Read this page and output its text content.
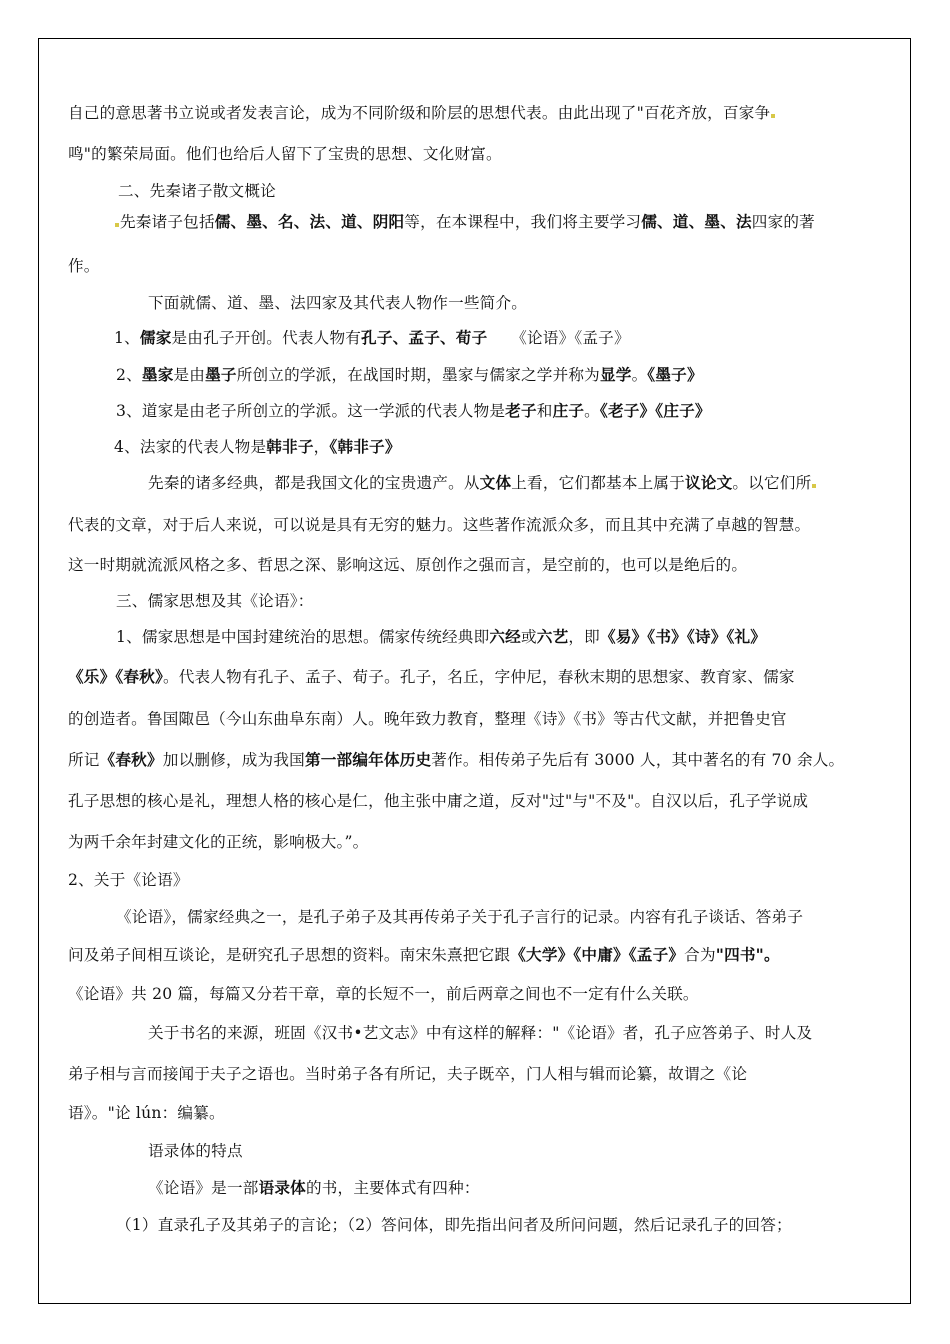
自己的意思著书立说或者发表言论，成为不同阶级和阶层的思想代表。由此出现了"百花齐放，百家争
鸣"的繁荣局面。他们也给后人留下了宝贵的思想、文化财富。
二、先秦诸子散文概论
先秦诸子包括儒、墨、名、法、道、阴阳等，在本课程中，我们将主要学习儒、道、墨、法四家的著
作。
下面就儒、道、墨、法四家及其代表人物作一些简介。
1、儒家是由孔子开创。代表人物有孔子、孟子、荀子　　《论语》《孟子》
2、墨家是由墨子所创立的学派，在战国时期，墨家与儒家之学并称为显学。《墨子》
3、道家是由老子所创立的学派。这一学派的代表人物是老子和庄子。《老子》《庄子》
4、法家的代表人物是韩非子，《韩非子》
先秦的诸多经典，都是我国文化的宝贵遗产。从文体上看，它们都基本上属于议论文。以它们所
代表的文章，对于后人来说，可以说是具有无穷的魅力。这些著作流派众多，而且其中充满了卓越的智慧。
这一时期就流派风格之多、哲思之深、影响这远、原创作之强而言，是空前的，也可以是绝后的。
三、儒家思想及其《论语》：
1、儒家思想是中国封建统治的思想。儒家传统经典即六经或六艺，即《易》《书》《诗》《礼》
《乐》《春秋》。代表人物有孔子、孟子、荀子。孔子，名丘，字仲尼，春秋末期的思想家、教育家、儒家
的创造者。鲁国陬邑（今山东曲阜东南）人。晚年致力教育，整理《诗》《书》等古代文献，并把鲁史官
所记《春秋》加以删修，成为我国第一部编年体历史著作。相传弟子先后有 3000 人，其中著名的有 70 余人。
孔子思想的核心是礼，理想人格的核心是仁，他主张中庸之道，反对"过"与"不及"。自汉以后，孔子学说成
为两千余年封建文化的正统，影响极大。”。
2、关于《论语》
《论语》，儒家经典之一，是孔子弟子及其再传弟子关于孔子言行的记录。内容有孔子谈话、答弟子
问及弟子间相互谈论，是研究孔子思想的资料。南宋朱熹把它跟《大学》《中庸》《孟子》合为"四书"。
《论语》共 20 篇，每篇又分若干章，章的长短不一，前后两章之间也不一定有什么关联。
关于书名的来源，班固《汉书•艺文志》中有这样的解释："《论语》者，孔子应答弟子、时人及
弟子相与言而接闻于夫子之语也。当时弟子各有所记，夫子既卒，门人相与辑而论纂，故谓之《论
语》。"论 lún：编纂。
语录体的特点
《论语》是一部语录体的书，主要体式有四种：
（1）直录孔子及其弟子的言论；（2）答问体，即先指出问者及所问问题，然后记录孔子的回答；
